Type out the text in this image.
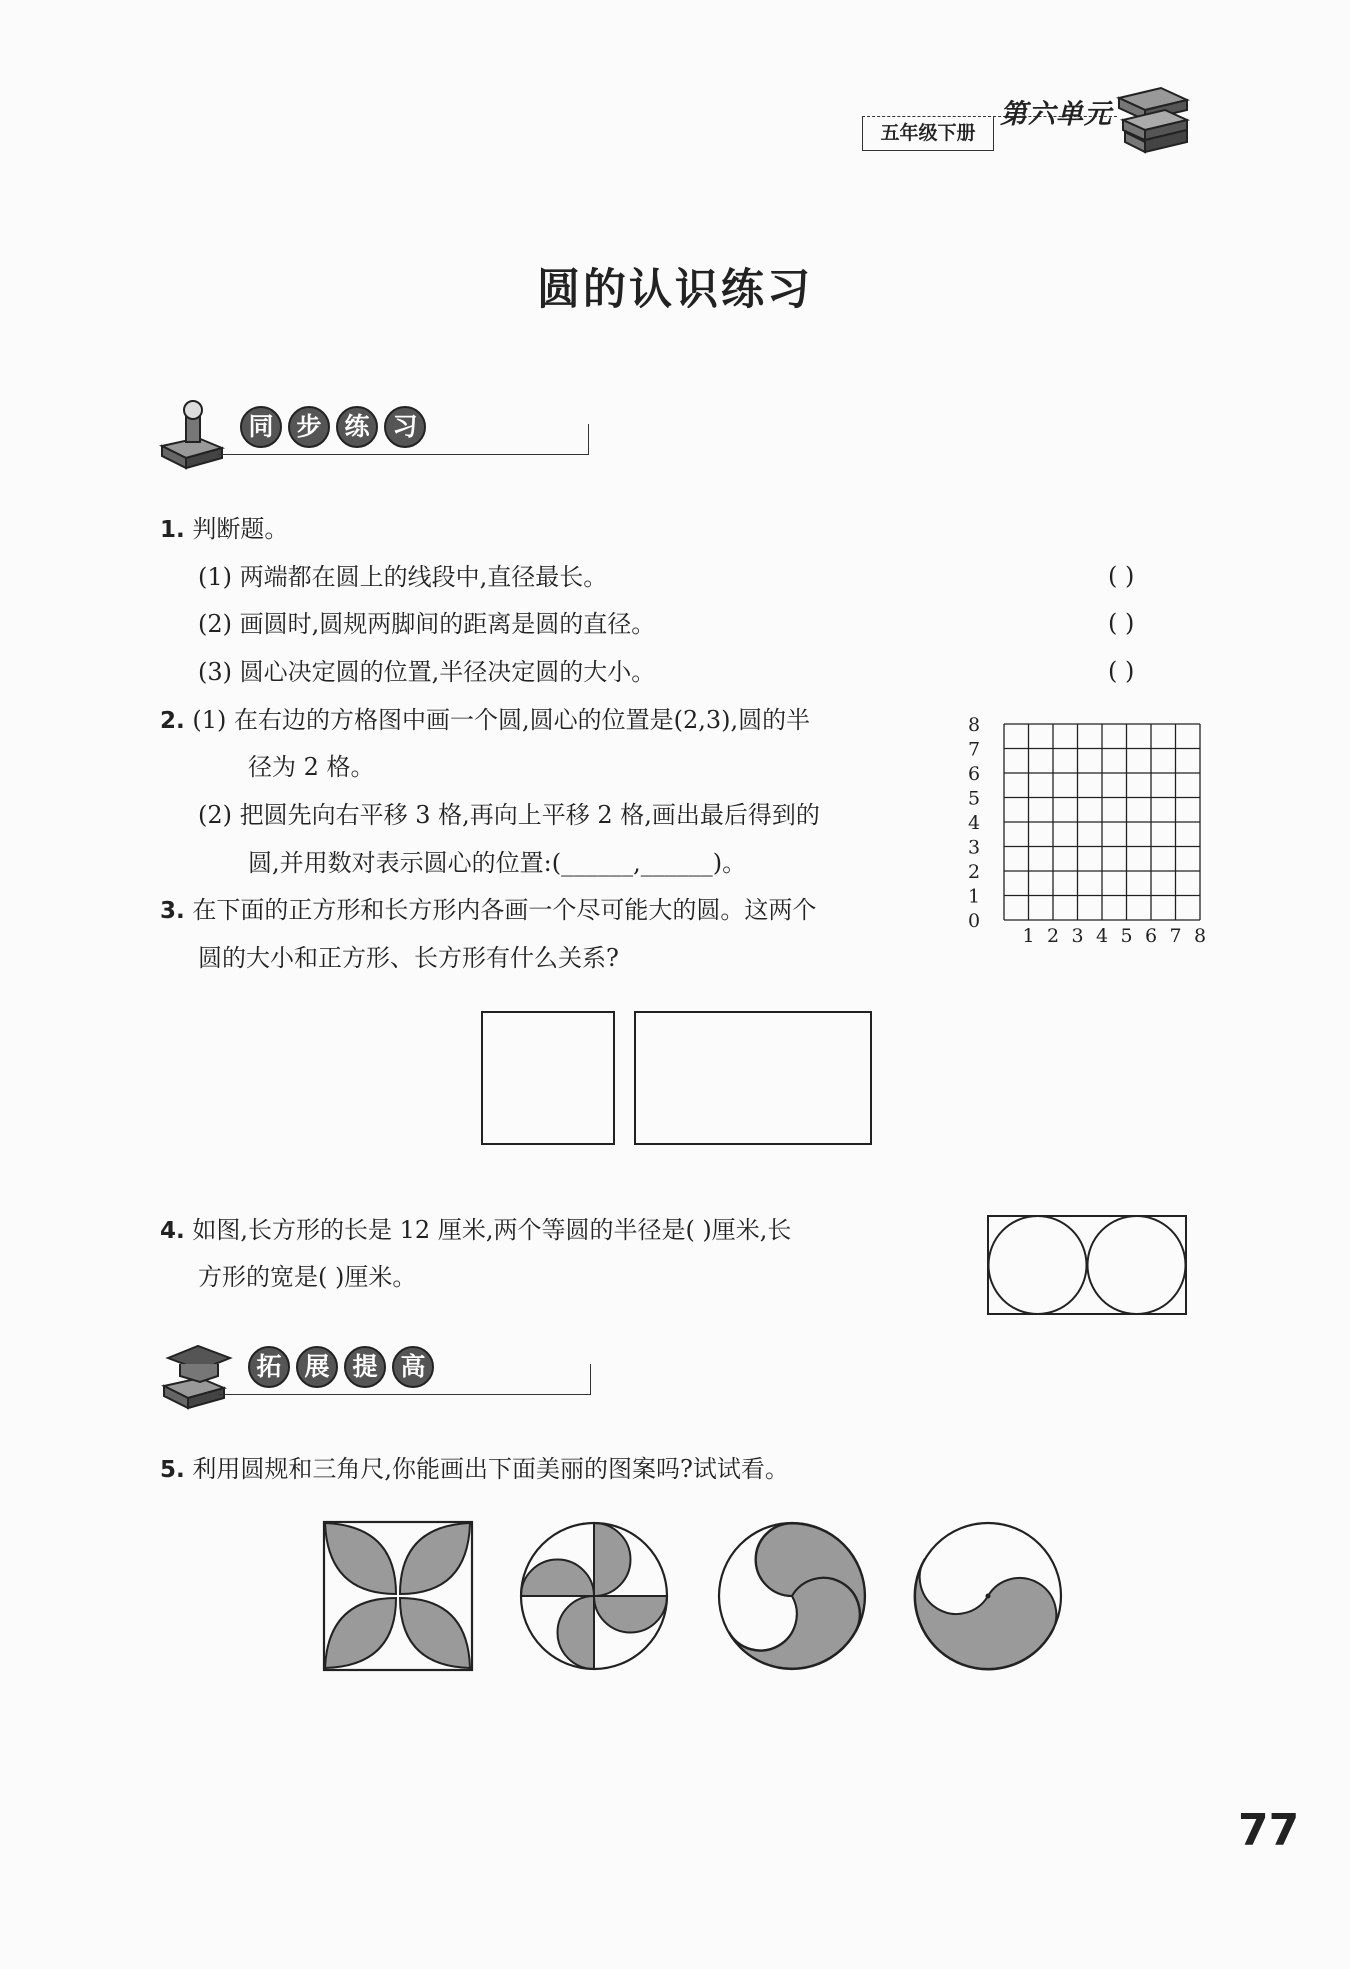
五年级下册
第六单元
圆的认识练习
同 步 练 习
1. 判断题。
(1) 两端都在圆上的线段中,直径最长。	( )
(2) 画圆时,圆规两脚间的距离是圆的直径。	( )
(3) 圆心决定圆的位置,半径决定圆的大小。	( )
2. (1) 在右边的方格图中画一个圆,圆心的位置是(2,3),圆的半
径为 2 格。
(2) 把圆先向右平移 3 格,再向上平移 2 格,画出最后得到的
圆,并用数对表示圆心的位置:(______,______)。
8
7
6
5
4
3
2
1
0
1 2 3 4 5 6 7 8
3. 在下面的正方形和长方形内各画一个尽可能大的圆。这两个
圆的大小和正方形、长方形有什么关系?
4. 如图,长方形的长是 12 厘米,两个等圆的半径是( )厘米,长
方形的宽是( )厘米。
拓 展 提 高
5. 利用圆规和三角尺,你能画出下面美丽的图案吗?试试看。
77
